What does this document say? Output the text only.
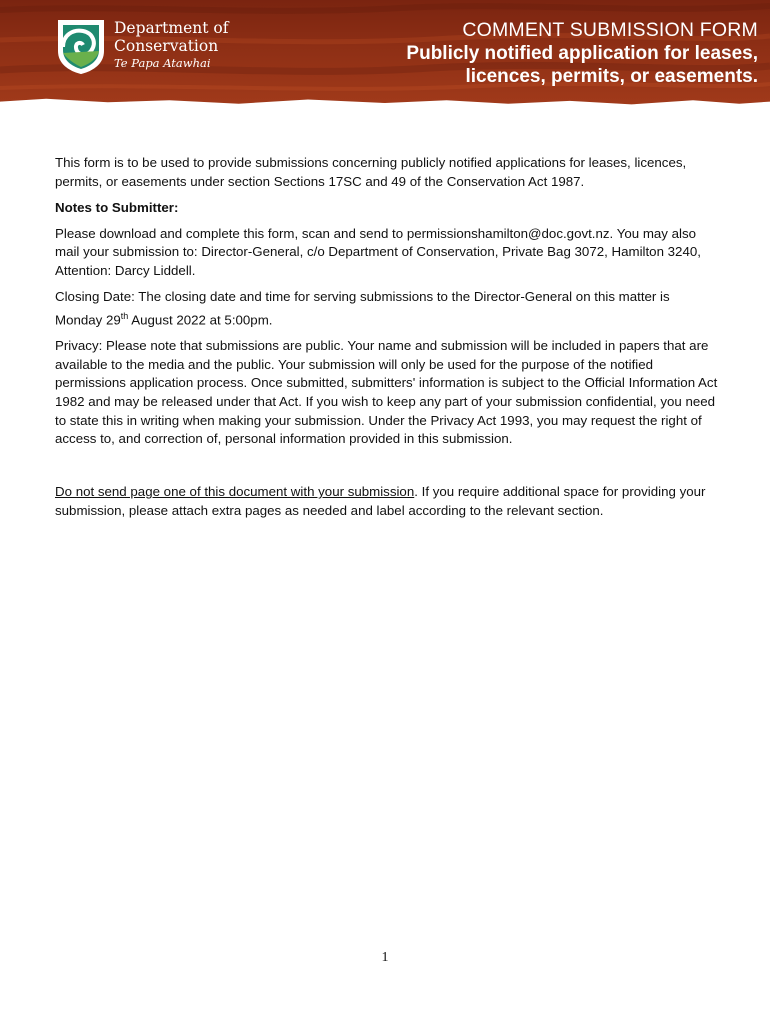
Department of
Conservation
Te Papa Atawhai
COMMENT SUBMISSION FORM
Publicly notified application for leases,
licences, permits, or easements.

This form is to be used to provide submissions concerning publicly notified applications for leases, licences, permits, or easements under section Sections 17SC and 49 of the Conservation Act 1987.

Notes to Submitter:

Please download and complete this form, scan and send to permissionshamilton@doc.govt.nz. You may also mail your submission to: Director-General, c/o Department of Conservation, Private Bag 3072, Hamilton 3240, Attention: Darcy Liddell.

Closing Date: The closing date and time for serving submissions to the Director-General on this matter is Monday 29th August 2022 at 5:00pm.

Privacy: Please note that submissions are public. Your name and submission will be included in papers that are available to the media and the public. Your submission will only be used for the purpose of the notified permissions application process. Once submitted, submitters' information is subject to the Official Information Act 1982 and may be released under that Act. If you wish to keep any part of your submission confidential, you need to state this in writing when making your submission. Under the Privacy Act 1993, you may request the right of access to, and correction of, personal information provided in this submission.

Do not send page one of this document with your submission. If you require additional space for providing your submission, please attach extra pages as needed and label according to the relevant section.

1
